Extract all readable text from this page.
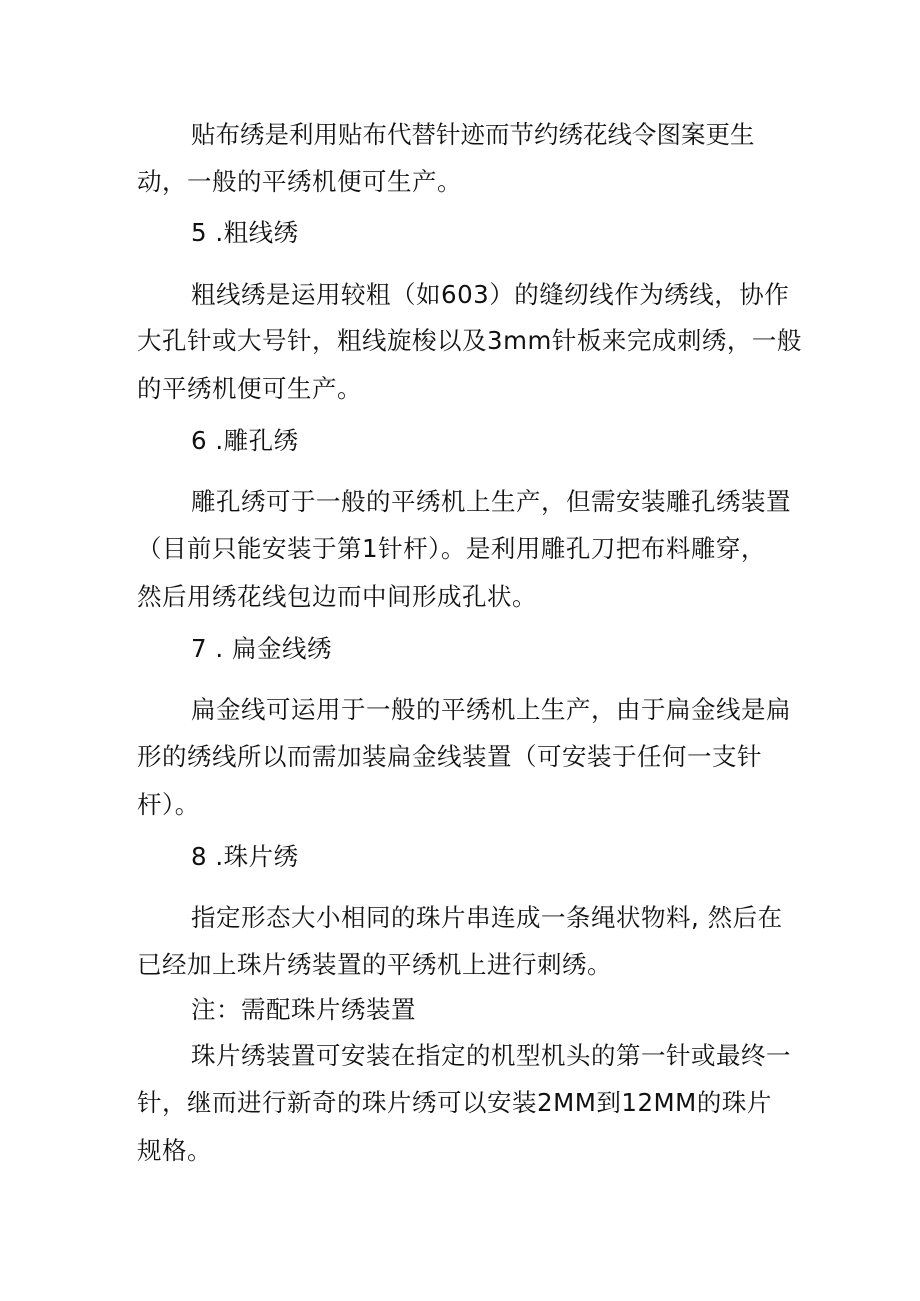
贴布绣是利用贴布代替针迹而节约绣花线令图案更生
动，一般的平绣机便可生产。
5 .粗线绣
粗线绣是运用较粗（如603）的缝纫线作为绣线，协作
大孔针或大号针，粗线旋梭以及3mm针板来完成刺绣，一般
的平绣机便可生产。
6 .雕孔绣
雕孔绣可于一般的平绣机上生产，但需安装雕孔绣装置
（目前只能安装于第1针杆）。是利用雕孔刀把布料雕穿，
然后用绣花线包边而中间形成孔状。
7 . 扁金线绣
扁金线可运用于一般的平绣机上生产，由于扁金线是扁
形的绣线所以而需加装扁金线装置（可安装于任何一支针
杆）。
8 .珠片绣
指定形态大小相同的珠片串连成一条绳状物料, 然后在
已经加上珠片绣装置的平绣机上进行刺绣。
注：需配珠片绣装置
珠片绣装置可安装在指定的机型机头的第一针或最终一
针，继而进行新奇的珠片绣可以安装2MM到12MM的珠片
规格。
